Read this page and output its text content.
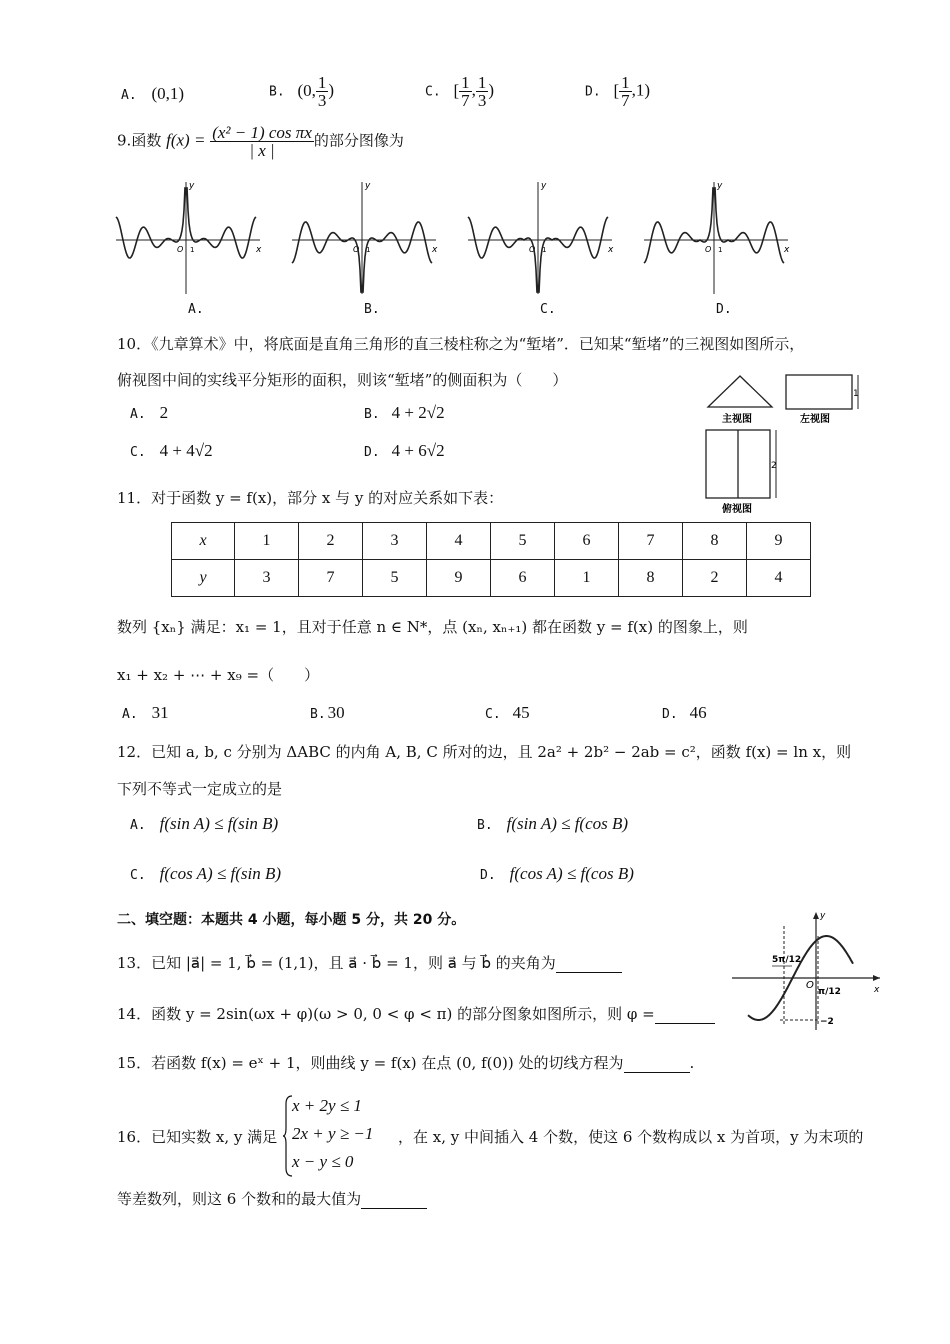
A. (0,1)	B. (0, $\frac{1}{3}$ )	C. [ $\frac{1}{7}$ , $\frac{1}{3}$ )	D. [ $\frac{1}{7} ,1$)
9.函数 $f(x) = \frac{\text{(x² − 1) cos πx}}{| x |}$ 的部分图像为
x
y
O 1	x
y
O 1	x
y
O 1	x
y
O 1
A.	B.	C.	D.
10．《九章算术》中，将底面是直角三角形的直三棱柱称之为“堑堵”．已知某“堑堵”的三视图如图所示，
俯视图中间的实线平分矩形的面积，则该“堑堵”的侧面积为（　　）
A. 2	B. 4 + 2√2
C. 4 + 4√2	D. 4 + 6√2
主视图
1
左视图
2
俯视图
11．对于函数 y = f(x)，部分 x 与 y 的对应关系如下表：
x	1	2	3	4	5	6	7	8	9
y	3	7	5	9	6	1	8	2	4
数列 {xₙ} 满足：x₁ = 1，且对于任意 n ∈ N*，点 (xₙ, xₙ₊₁) 都在函数 y = f(x) 的图象上，则
x₁ + x₂ + ⋯ + x₉ =（　　）
A. 31	B. 30	C. 45	D. 46
12．已知 a, b, c 分别为 ΔABC 的内角 A, B, C 所对的边，且 2a² + 2b² − 2ab = c²，函数 f(x) = ln x，则
下列不等式一定成立的是
A. f(sin A) ≤ f(sin B)	B. f(sin A) ≤ f(cos B)
C. f(cos A) ≤ f(sin B)	D. f(cos A) ≤ f(cos B)
二、填空题：本题共 4 小题，每小题 5 分，共 20 分。
13．已知 |a⃗| = 1, b⃗ = (1,1)，且 a⃗ · b⃗ = 1，则 a⃗ 与 b⃗ 的夹角为
14．函数 y = 2sin(ωx + φ)(ω > 0, 0 < φ < π) 的部分图象如图所示，则 φ =
5π/12
π/12
−2
O	x
y
15．若函数 f(x) = eˣ + 1，则曲线 y = f(x) 在点 (0, f(0)) 处的切线方程为	.
16．已知实数 x, y 满足
x + 2y ≤ 1
2x + y ≥ −1
x − y ≤ 0
，在 x, y 中间插入 4 个数，使这 6 个数构成以 x 为首项，y 为末项的
等差数列，则这 6 个数和的最大值为
